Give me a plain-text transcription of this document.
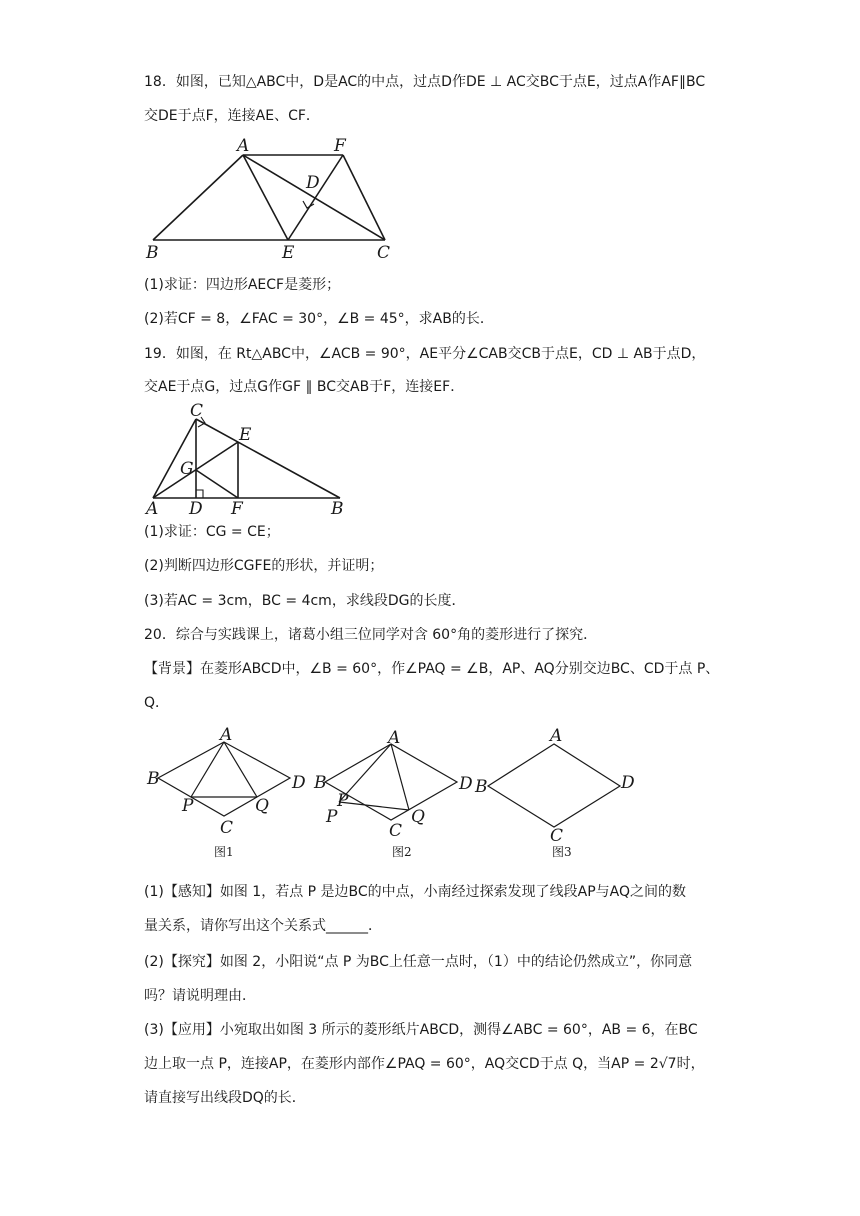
18．如图，已知△ABC中，D是AC的中点，过点D作DE ⊥ AC交BC于点E，过点A作AF∥BC
交DE于点F，连接AE、CF．
A	F
D
B	E	C
(1)求证：四边形AECF是菱形；
(2)若CF = 8，∠FAC = 30°，∠B = 45°，求AB的长．
19．如图，在 Rt△ABC中，∠ACB = 90°，AE平分∠CAB交CB于点E，CD ⊥ AB于点D，
交AE于点G，过点G作GF ∥ BC交AB于F，连接EF．
C
E
G
A D F	B
(1)求证：CG = CE；
(2)判断四边形CGFE的形状，并证明；
(3)若AC = 3cm，BC = 4cm，求线段DG的长度．
20．综合与实践课上，诸葛小组三位同学对含 60°角的菱形进行了探究．
【背景】在菱形ABCD中，∠B = 60°，作∠PAQ = ∠B，AP、AQ分别交边BC、CD于点 P、
Q．
A
B	D
P	Q
C
图1
A
B	D
P
P	Q
C
图2
A
B	D
C
图3
(1)【感知】如图 1，若点 P 是边BC的中点，小南经过探索发现了线段AP与AQ之间的数
量关系，请你写出这个关系式______．
(2)【探究】如图 2，小阳说“点 P 为BC上任意一点时，（1）中的结论仍然成立”，你同意
吗？请说明理由．
(3)【应用】小宛取出如图 3 所示的菱形纸片ABCD，测得∠ABC = 60°，AB = 6，在BC
边上取一点 P，连接AP，在菱形内部作∠PAQ = 60°，AQ交CD于点 Q，当AP = 2√7时，
请直接写出线段DQ的长．
